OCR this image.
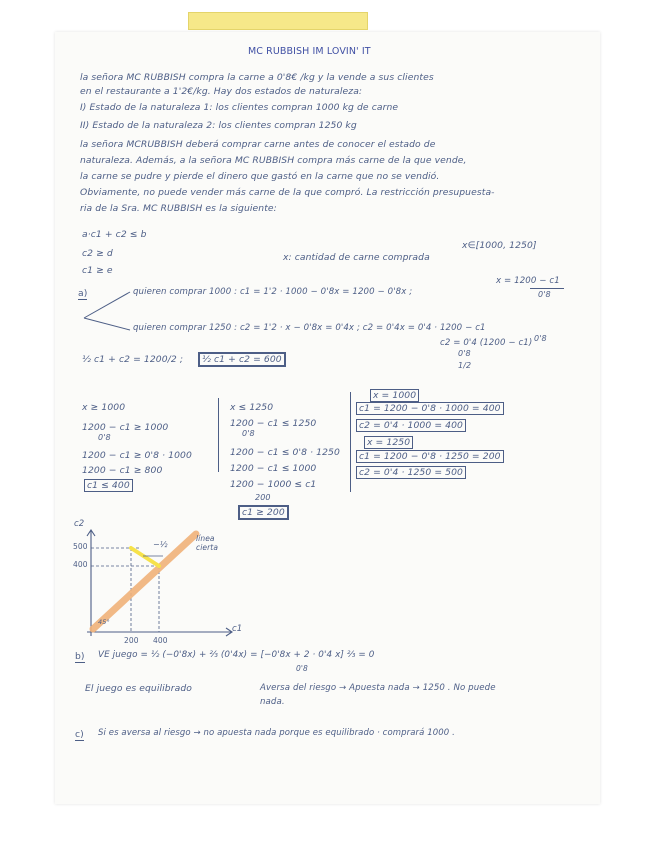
MC RUBBISH IM LOVIN' IT
la señora MC RUBBISH compra la carne a 0'8€ /kg y la vende a sus clientes
en el restaurante a 1'2€/kg. Hay dos estados de naturaleza:
I) Estado de la naturaleza 1: los clientes compran 1000 kg de carne
II) Estado de la naturaleza 2: los clientes compran 1250 kg
la señora MCRUBBISH deberá comprar carne antes de conocer el estado de
naturaleza. Además, a la señora MC RUBBISH compra más carne de la que vende,
la carne se pudre y pierde el dinero que gastó en la carne que no se vendió.
Obviamente, no puede vender más carne de la que compró. La restricción presupuesta-
ria de la Sra. MC RUBBISH es la siguiente:
a·c1 + c2 ≤ b
c2 ≥ d
c1 ≥ e
x: cantidad de carne comprada
x∈[1000, 1250]
a)	quieren comprar 1000 : c1 = 1'2 · 1000 − 0'8x = 1200 − 0'8x ;
x = 1200 − c1
0'8
quieren comprar 1250 : c2 = 1'2 · x − 0'8x = 0'4x ; c2 = 0'4x = 0'4 · 1200 − c1
0'8
c2 = 0'4 (1200 − c1)
0'8
1/2
½ c1 + c2 = 1200/2 ;	½ c1 + c2 = 600
x ≥ 1000
1200 − c1 ≥ 1000
0'8
1200 − c1 ≥ 0'8 · 1000
1200 − c1 ≥ 800
c1 ≤ 400
x ≤ 1250
1200 − c1 ≤ 1250
0'8
1200 − c1 ≤ 0'8 · 1250
1200 − c1 ≤ 1000
1200 − 1000 ≤ c1
200
c1 ≥ 200
x = 1000
c1 = 1200 − 0'8 · 1000 = 400
c2 = 0'4 · 1000 = 400
x = 1250
c1 = 1200 − 0'8 · 1250 = 200
c2 = 0'4 · 1250 = 500
c2
c1
500
400
200 400
−½
línea cierta
45°
b) VE juego = ½ (−0'8x) + ⅔ (0'4x) = [−0'8x + 2 · 0'4 x] ⅔ = 0
0'8
El juego es equilibrado	Aversa del riesgo → Apuesta nada → 1250 . No puede
nada.
c) Si es aversa al riesgo → no apuesta nada porque es equilibrado · comprará 1000 .
